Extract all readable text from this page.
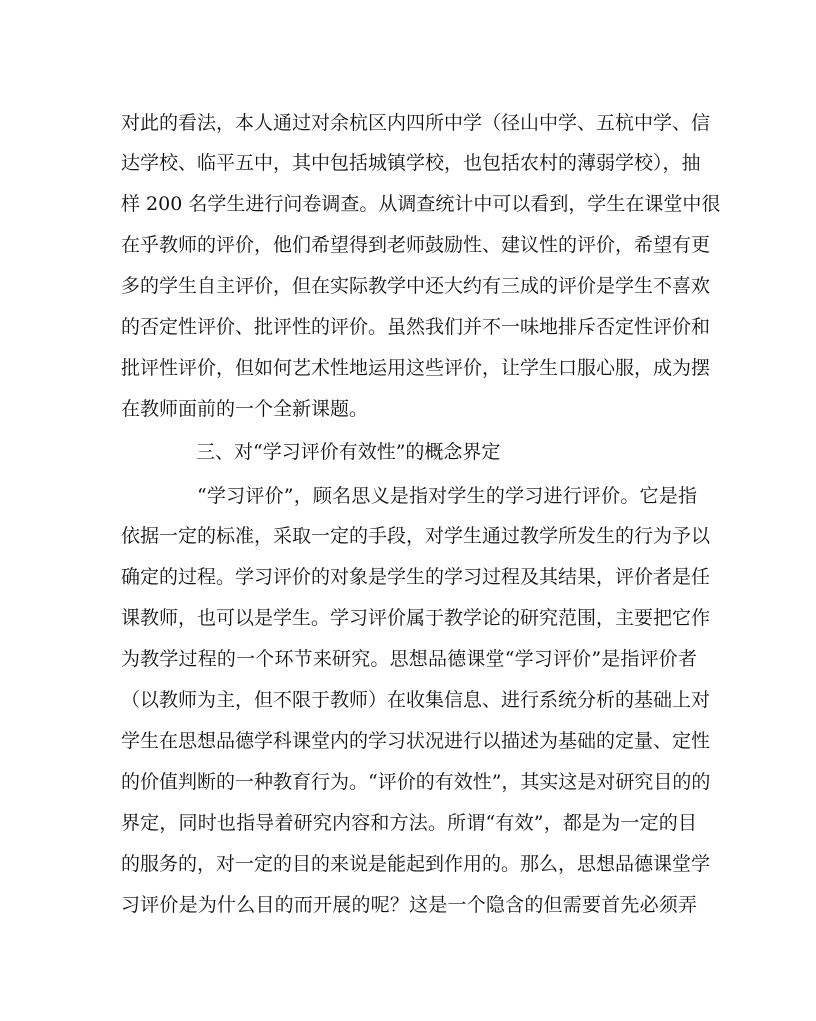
对此的看法，本人通过对余杭区内四所中学（径山中学、五杭中学、信
达学校、临平五中，其中包括城镇学校，也包括农村的薄弱学校），抽
样 200 名学生进行问卷调查。从调查统计中可以看到，学生在课堂中很
在乎教师的评价，他们希望得到老师鼓励性、建议性的评价，希望有更
多的学生自主评价，但在实际教学中还大约有三成的评价是学生不喜欢
的否定性评价、批评性的评价。虽然我们并不一味地排斥否定性评价和
批评性评价，但如何艺术性地运用这些评价，让学生口服心服，成为摆
在教师面前的一个全新课题。
三、对“学习评价有效性”的概念界定
“学习评价”，顾名思义是指对学生的学习进行评价。它是指
依据一定的标准，采取一定的手段，对学生通过教学所发生的行为予以
确定的过程。学习评价的对象是学生的学习过程及其结果，评价者是任
课教师，也可以是学生。学习评价属于教学论的研究范围，主要把它作
为教学过程的一个环节来研究。思想品德课堂“学习评价”是指评价者
（以教师为主，但不限于教师）在收集信息、进行系统分析的基础上对
学生在思想品德学科课堂内的学习状况进行以描述为基础的定量、定性
的价值判断的一种教育行为。“评价的有效性”，其实这是对研究目的的
界定，同时也指导着研究内容和方法。所谓“有效”，都是为一定的目
的服务的，对一定的目的来说是能起到作用的。那么，思想品德课堂学
习评价是为什么目的而开展的呢？这是一个隐含的但需要首先必须弄
